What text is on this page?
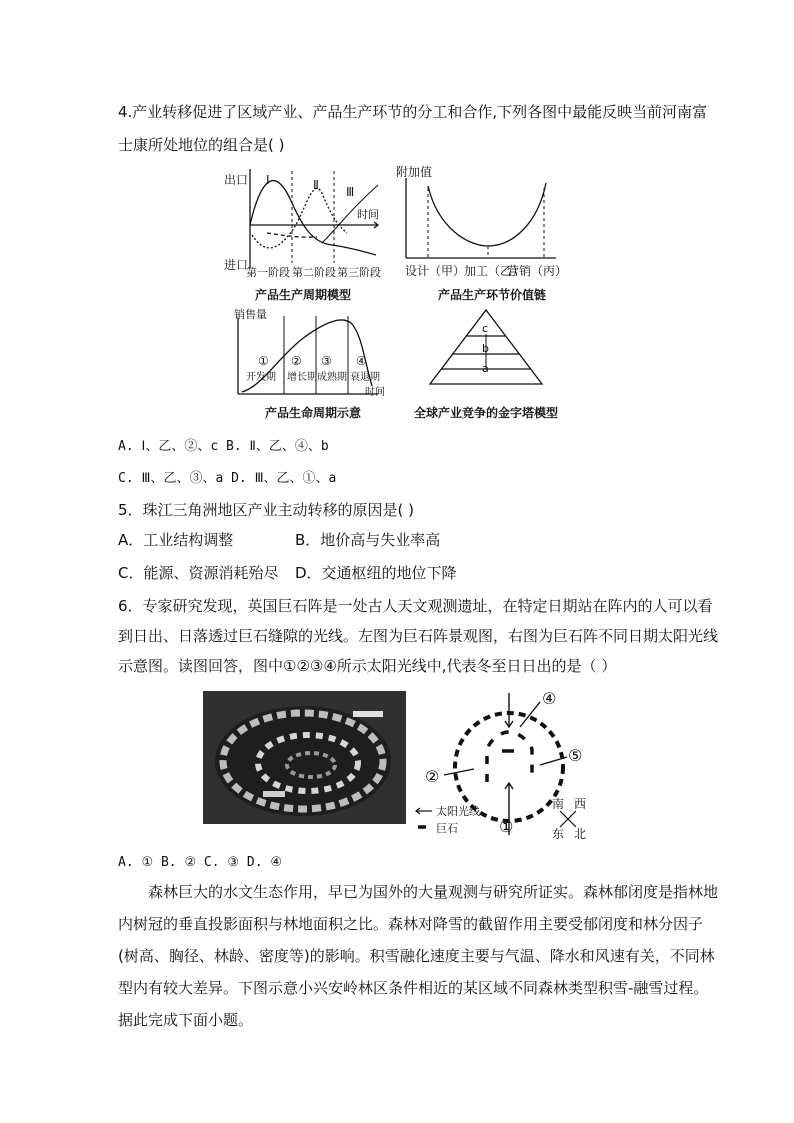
4.产业转移促进了区域产业、产品生产环节的分工和合作,下列各图中最能反映当前河南富
士康所处地位的组合是( )
出口
进口
时间
Ⅰ	Ⅱ Ⅲ
第一阶段 第二阶段 第三阶段
产品生产周期模型
附加值
设计（甲）
加工（乙）
营销（丙）
产品生产环节价值链
销售量
①
开发期
②
增长期
③
成熟期
④
衰退期
时间
产品生命周期示意
c
b
a
全球产业竞争的金字塔模型
A. Ⅰ、乙、②、c B. Ⅱ、乙、④、b
C. Ⅲ、乙、③、a D. Ⅲ、乙、①、a
5．珠江三角洲地区产业主动转移的原因是( )
A．工业结构调整	B．地价高与失业率高
C．能源、资源消耗殆尽 D．交通枢纽的地位下降
6．专家研究发现，英国巨石阵是一处古人天文观测遗址，在特定日期站在阵内的人可以看
到日出、日落透过巨石缝隙的光线。左图为巨石阵景观图，右图为巨石阵不同日期太阳光线
示意图。读图回答，图中①②③④所示太阳光线中,代表冬至日日出的是（ ）
④
⑤
②
①
太阳光线
巨石
南 西
东 北
A. ① B. ② C. ③ D. ④
森林巨大的水文生态作用，早已为国外的大量观测与研究所证实。森林郁闭度是指林地
内树冠的垂直投影面积与林地面积之比。森林对降雪的截留作用主要受郁闭度和林分因子
(树高、胸径、林龄、密度等)的影响。积雪融化速度主要与气温、降水和风速有关，不同林
型内有较大差异。下图示意小兴安岭林区条件相近的某区域不同森林类型积雪-融雪过程。
据此完成下面小题。
